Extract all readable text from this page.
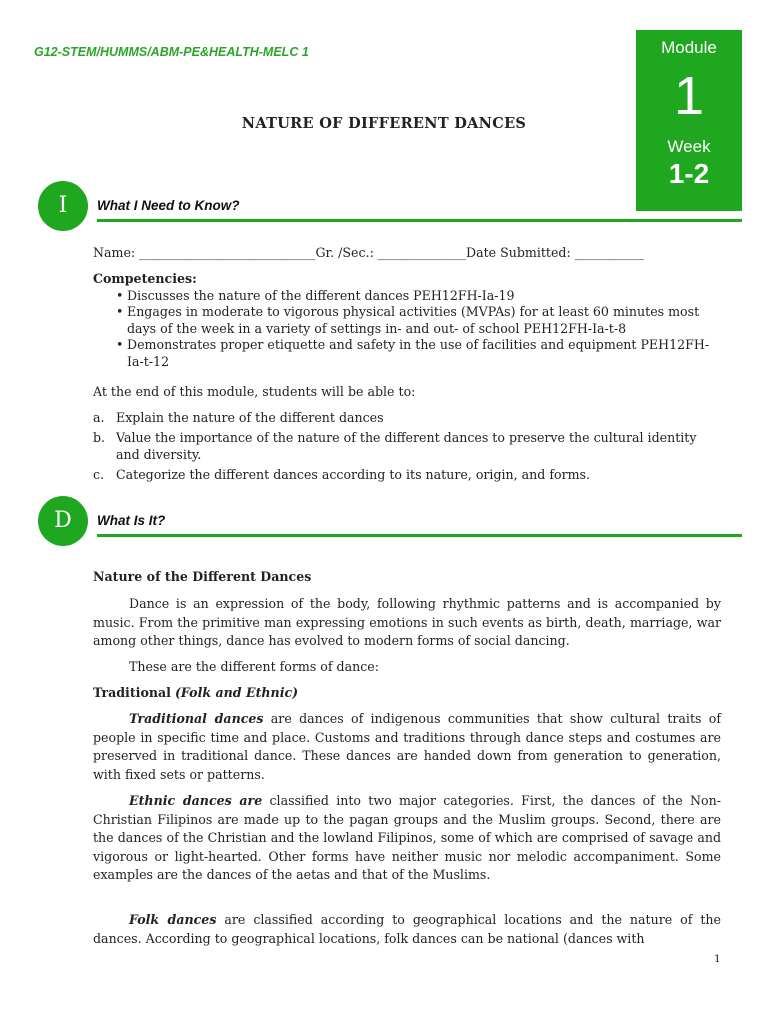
G12-STEM/HUMMS/ABM-PE&HEALTH-MELC 1	Module
1
Week
1-2
NATURE OF DIFFERENT DANCES
I	What I Need to Know?
Name: ____________________________Gr. /Sec.: ______________Date Submitted: ___________
Competencies:
• Discusses the nature of the different dances PEH12FH-Ia-19
• Engages in moderate to vigorous physical activities (MVPAs) for at least 60 minutes most days of the week in a variety of settings in- and out- of school PEH12FH-Ia-t-8
• Demonstrates proper etiquette and safety in the use of facilities and equipment PEH12FH-Ia-t-12
At the end of this module, students will be able to:
a. Explain the nature of the different dances
b. Value the importance of the nature of the different dances to preserve the cultural identity and diversity.
c. Categorize the different dances according to its nature, origin, and forms.
D	What Is It?
Nature of the Different Dances
Dance is an expression of the body, following rhythmic patterns and is accompanied by music. From the primitive man expressing emotions in such events as birth, death, marriage, war among other things, dance has evolved to modern forms of social dancing.
These are the different forms of dance:
Traditional (Folk and Ethnic)
Traditional dances are dances of indigenous communities that show cultural traits of people in specific time and place. Customs and traditions through dance steps and costumes are preserved in traditional dance. These dances are handed down from generation to generation, with fixed sets or patterns.
Ethnic dances are classified into two major categories. First, the dances of the Non-Christian Filipinos are made up to the pagan groups and the Muslim groups. Second, there are the dances of the Christian and the lowland Filipinos, some of which are comprised of savage and vigorous or light-hearted. Other forms have neither music nor melodic accompaniment. Some examples are the dances of the aetas and that of the Muslims.
Folk dances are classified according to geographical locations and the nature of the dances. According to geographical locations, folk dances can be national (dances with
1
